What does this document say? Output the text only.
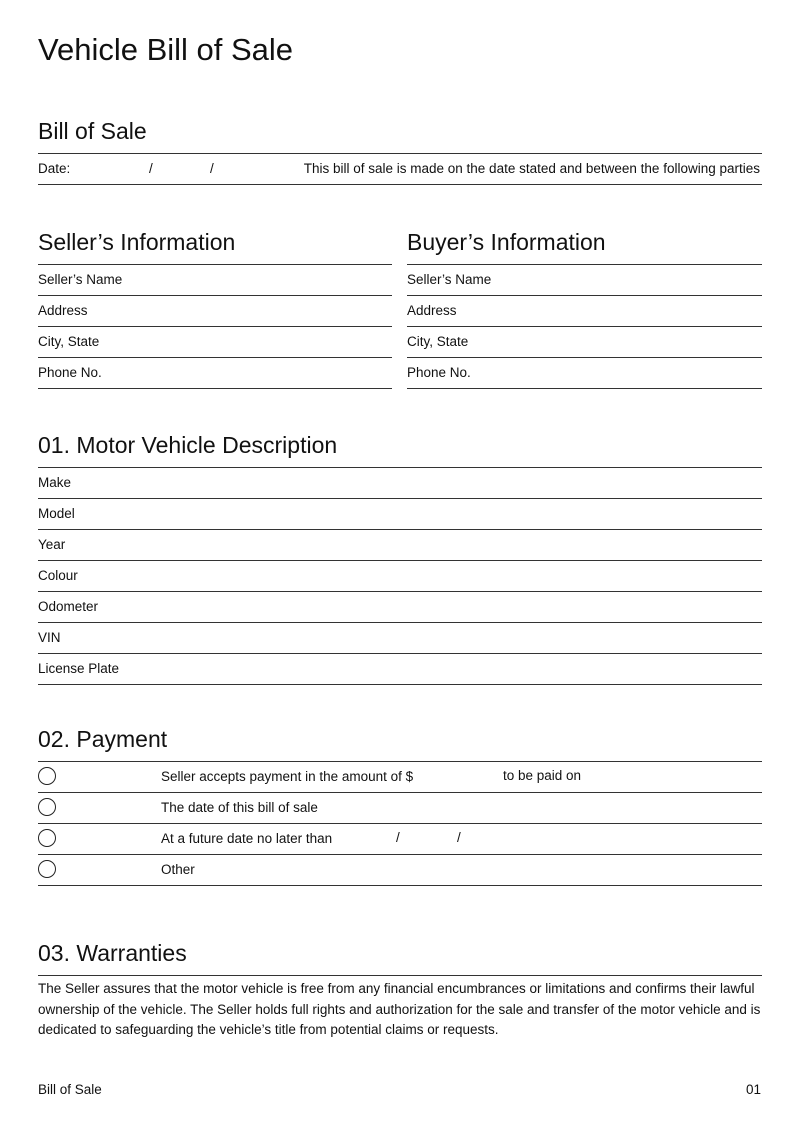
Vehicle Bill of Sale
Bill of Sale
Date:	/	/	This bill of sale is made on the date stated and between the following parties
Seller’s Information
Seller’s Name
Address
City, State
Phone No.
Buyer’s Information
Seller’s Name
Address
City, State
Phone No.
01. Motor Vehicle Description
Make
Model
Year
Colour
Odometer
VIN
License Plate
02. Payment
Seller accepts payment in the amount of $	to be paid on
The date of this bill of sale
At a future date no later than	/	/
Other
03. Warranties
The Seller assures that the motor vehicle is free from any financial encumbrances or limitations and confirms their lawful ownership of the vehicle. The Seller holds full rights and authorization for the sale and transfer of the motor vehicle and is dedicated to safeguarding the vehicle’s title from potential claims or requests.
Bill of Sale	01
